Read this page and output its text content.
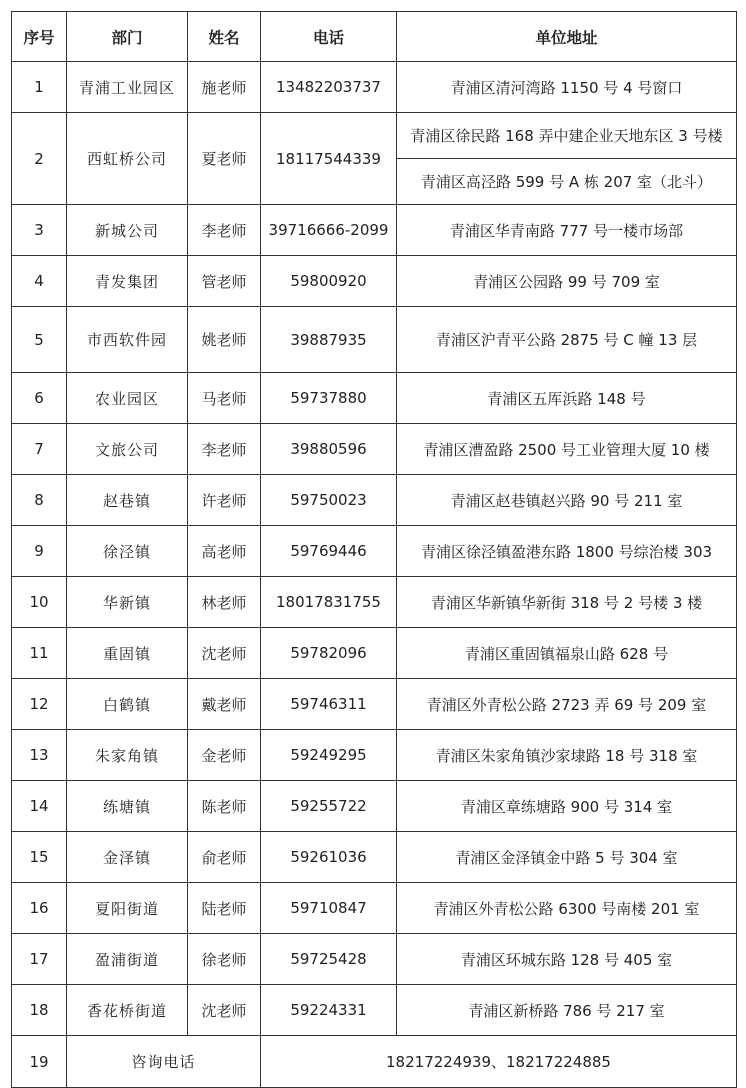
序号	部门	姓名	电话	单位地址
1	青浦工业园区	施老师	13482203737	青浦区清河湾路 1150 号 4 号窗口
2	西虹桥公司	夏老师	18117544339	青浦区徐民路 168 弄中建企业天地东区 3 号楼
				青浦区高泾路 599 号 A 栋 207 室（北斗）
3	新城公司	李老师	39716666-2099	青浦区华青南路 777 号一楼市场部
4	青发集团	管老师	59800920	青浦区公园路 99 号 709 室
5	市西软件园	姚老师	39887935	青浦区沪青平公路 2875 号 C 幢 13 层
6	农业园区	马老师	59737880	青浦区五厍浜路 148 号
7	文旅公司	李老师	39880596	青浦区漕盈路 2500 号工业管理大厦 10 楼
8	赵巷镇	许老师	59750023	青浦区赵巷镇赵兴路 90 号 211 室
9	徐泾镇	高老师	59769446	青浦区徐泾镇盈港东路 1800 号综治楼 303
10	华新镇	林老师	18017831755	青浦区华新镇华新街 318 号 2 号楼 3 楼
11	重固镇	沈老师	59782096	青浦区重固镇福泉山路 628 号
12	白鹤镇	戴老师	59746311	青浦区外青松公路 2723 弄 69 号 209 室
13	朱家角镇	金老师	59249295	青浦区朱家角镇沙家埭路 18 号 318 室
14	练塘镇	陈老师	59255722	青浦区章练塘路 900 号 314 室
15	金泽镇	俞老师	59261036	青浦区金泽镇金中路 5 号 304 室
16	夏阳街道	陆老师	59710847	青浦区外青松公路 6300 号南楼 201 室
17	盈浦街道	徐老师	59725428	青浦区环城东路 128 号 405 室
18	香花桥街道	沈老师	59224331	青浦区新桥路 786 号 217 室
19	咨询电话		18217224939、18217224885	
